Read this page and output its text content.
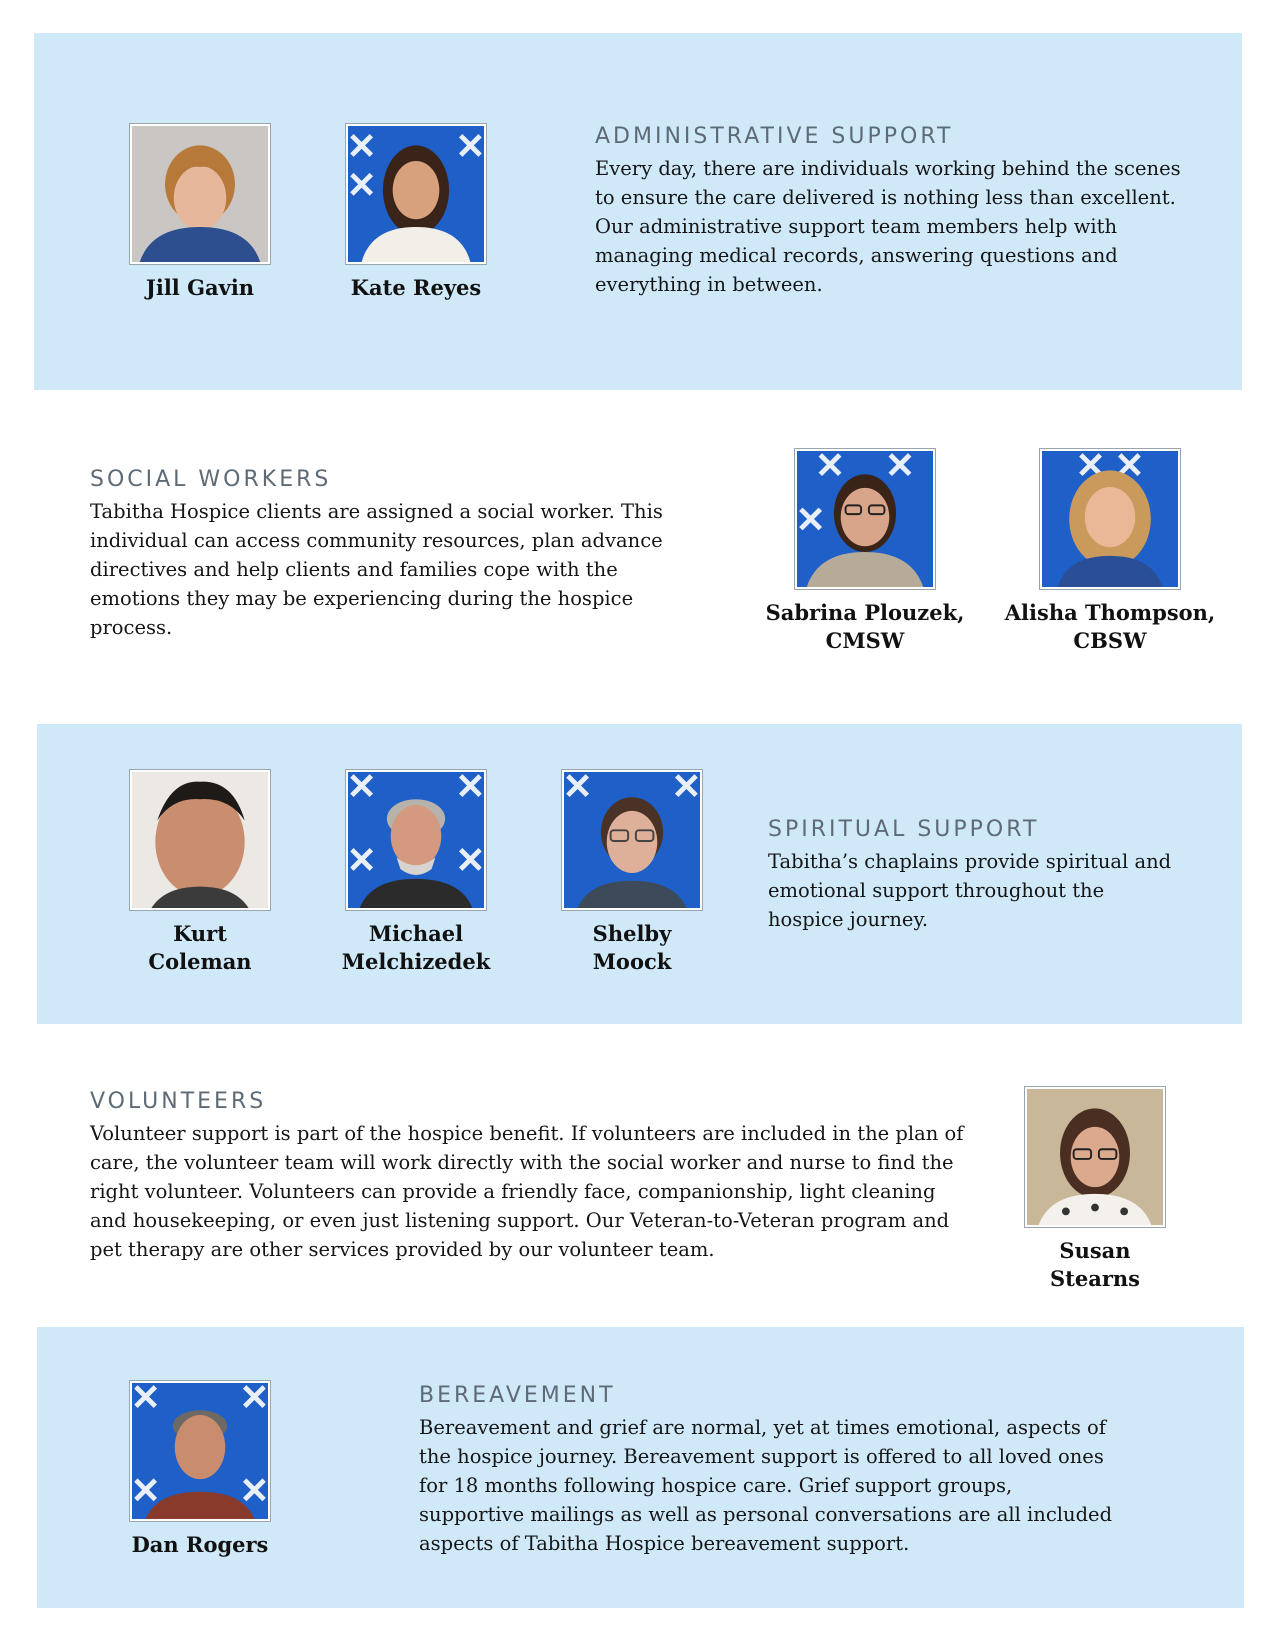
Jill Gavin	Kate Reyes
ADMINISTRATIVE SUPPORT

Every day, there are individuals working behind the scenes to ensure the care delivered is nothing less than excellent. Our administrative support team members help with managing medical records, answering questions and everything in between.

SOCIAL WORKERS

Tabitha Hospice clients are assigned a social worker. This individual can access community resources, plan advance directives and help clients and families cope with the emotions they may be experiencing during the hospice process.

Sabrina Plouzek,
CMSW
Alisha Thompson,
CBSW
Kurt
Coleman
Michael
Melchizedek
Shelby
Moock
SPIRITUAL SUPPORT

Tabitha’s chaplains provide spiritual and emotional support throughout the hospice journey.

VOLUNTEERS

Volunteer support is part of the hospice benefit. If volunteers are included in the plan of care, the volunteer team will work directly with the social worker and nurse to find the right volunteer. Volunteers can provide a friendly face, companionship, light cleaning and housekeeping, or even just listening support. Our Veteran-to-Veteran program and pet therapy are other services provided by our volunteer team.	Susan Stearns
Dan Rogers
BEREAVEMENT

Bereavement and grief are normal, yet at times emotional, aspects of the hospice journey. Bereavement support is offered to all loved ones for 18 months following hospice care. Grief support groups, supportive mailings as well as personal conversations are all included aspects of Tabitha Hospice bereavement support.
